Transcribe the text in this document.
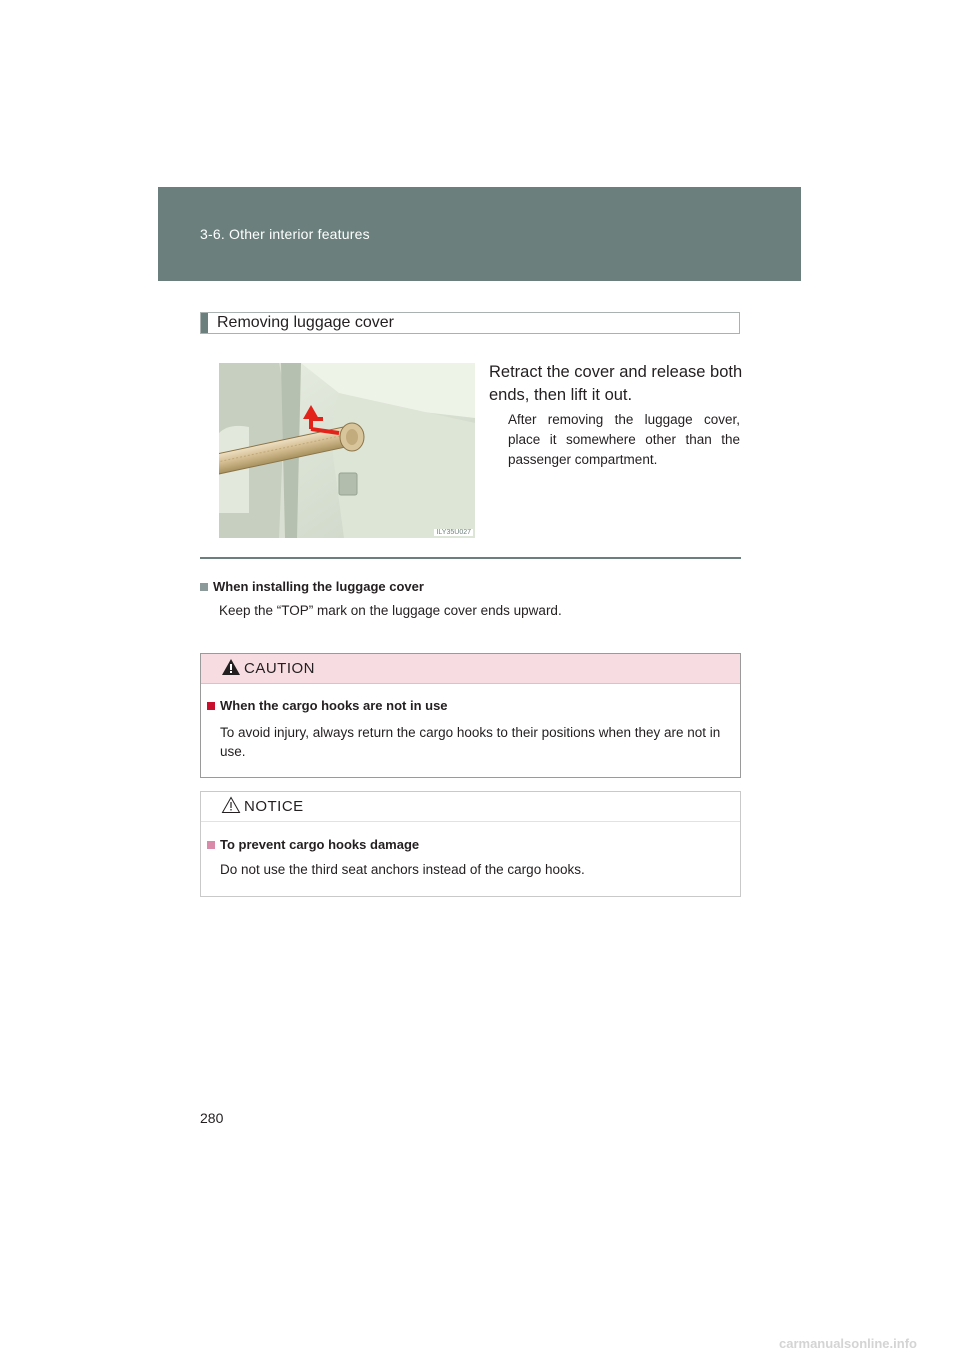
3-6. Other interior features
Removing luggage cover
ILY35U027
Retract the cover and release both ends, then lift it out.
After removing the luggage cover, place it somewhere other than the passenger compartment.
When installing the luggage cover
Keep the “TOP” mark on the luggage cover ends upward.
CAUTION
When the cargo hooks are not in use
To avoid injury, always return the cargo hooks to their positions when they are not in use.
NOTICE
To prevent cargo hooks damage
Do not use the third seat anchors instead of the cargo hooks.
280
carmanualsonline.info
